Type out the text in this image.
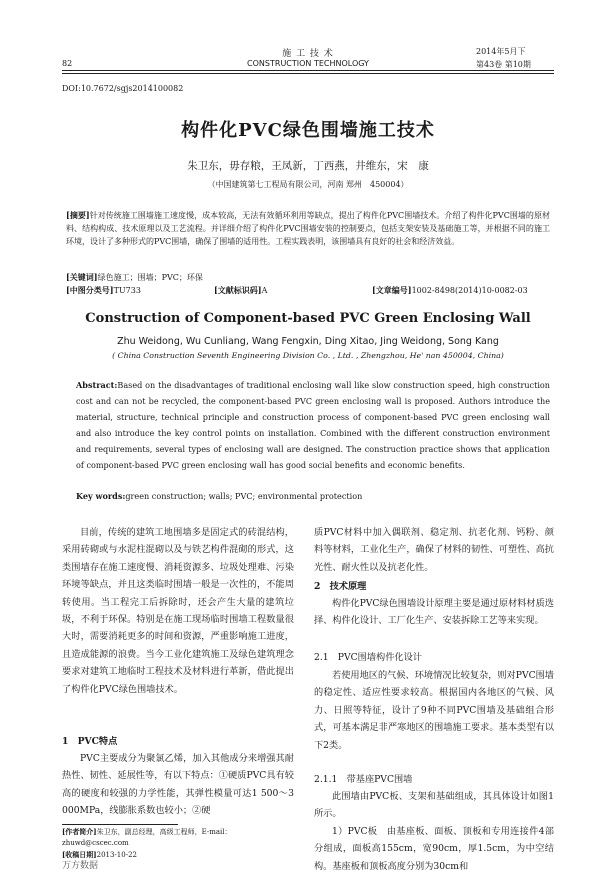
82
施 工 技 术
CONSTRUCTION TECHNOLOGY
2014年5月下
第43卷 第10期
DOI:10.7672/sgjs2014100082
构件化PVC绿色围墙施工技术
朱卫东，毋存粮，王凤新，丁西燕，井维东，宋　康
（中国建筑第七工程局有限公司，河南 郑州　450004）
[摘要]针对传统施工围墙施工速度慢，成本较高，无法有效循环利用等缺点，提出了构件化PVC围墙技术。介绍了构件化PVC围墙的原材料、结构构成、技术原理以及工艺流程。并详细介绍了构件化PVC围墙安装的控制要点，包括支架安装及基础施工等，并根据不同的施工环境，设计了多种形式的PVC围墙，确保了围墙的适用性。工程实践表明，该围墙具有良好的社会和经济效益。
[关键词]绿色施工；围墙；PVC；环保
[中图分类号]TU733	[文献标识码]A	[文章编号]1002-8498(2014)10-0082-03
Construction of Component-based PVC Green Enclosing Wall
Zhu Weidong, Wu Cunliang, Wang Fengxin, Ding Xitao, Jing Weidong, Song Kang
( China Construction Seventh Engineering Division Co. , Ltd. , Zhengzhou, He' nan 450004, China)
Abstract:Based on the disadvantages of traditional enclosing wall like slow construction speed, high construction cost and can not be recycled, the component-based PVC green enclosing wall is proposed. Authors introduce the material, structure, technical principle and construction process of component-based PVC green enclosing wall and also introduce the key control points on installation. Combined with the different construction environment and requirements, several types of enclosing wall are designed. The construction practice shows that application of component-based PVC green enclosing wall has good social benefits and economic benefits.
Key words:green construction; walls; PVC; environmental protection
目前，传统的建筑工地围墙多是固定式的砖混结构，采用砖砌或与水泥柱混砌以及与铁艺构件混砌的形式，这类围墙存在施工速度慢、消耗资源多、垃圾处理难、污染环境等缺点，并且这类临时围墙一般是一次性的，不能周转使用。当工程完工后拆除时，还会产生大量的建筑垃圾，不利于环保。特别是在施工现场临时围墙工程数量很大时，需要消耗更多的时间和资源，严重影响施工进度，且造成能源的浪费。当今工业化建筑施工及绿色建筑理念要求对建筑工地临时工程技术及材料进行革新，借此提出了构件化PVC绿色围墙技术。
1　PVC特点
PVC主要成分为聚氯乙烯，加入其他成分来增强其耐热性、韧性、延展性等，有以下特点：①硬质PVC具有较高的硬度和较强的力学性能，其弹性模量可达1 500～3 000MPa，线膨胀系数也较小；②硬
[作者简介]朱卫东，副总经理，高级工程师，E-mail：zhuwd@cscec.com
[收稿日期]2013-10-22
质PVC材料中加入偶联剂、稳定剂、抗老化剂、钙粉、颜料等材料，工业化生产，确保了材料的韧性、可塑性、高抗光性、耐火性以及抗老化性。
2　技术原理
构件化PVC绿色围墙设计原理主要是通过原材料材质选择、构件化设计、工厂化生产、安装拆除工艺等来实现。
2.1　PVC围墙构件化设计
若使用地区的气候、环境情况比较复杂，则对PVC围墙的稳定性、适应性要求较高。根据国内各地区的气候、风力、日照等特征，设计了9种不同PVC围墙及基础组合形式，可基本满足非严寒地区的围墙施工要求。基本类型有以下2类。
2.1.1　带基座PVC围墙
此围墙由PVC板、支架和基础组成，其具体设计如图1所示。
1）PVC板　由基座板、面板、顶板和专用连接件4部分组成，面板高155cm，宽90cm，厚1.5cm，为中空结构。基座板和顶板高度分别为30cm和
万方数据
